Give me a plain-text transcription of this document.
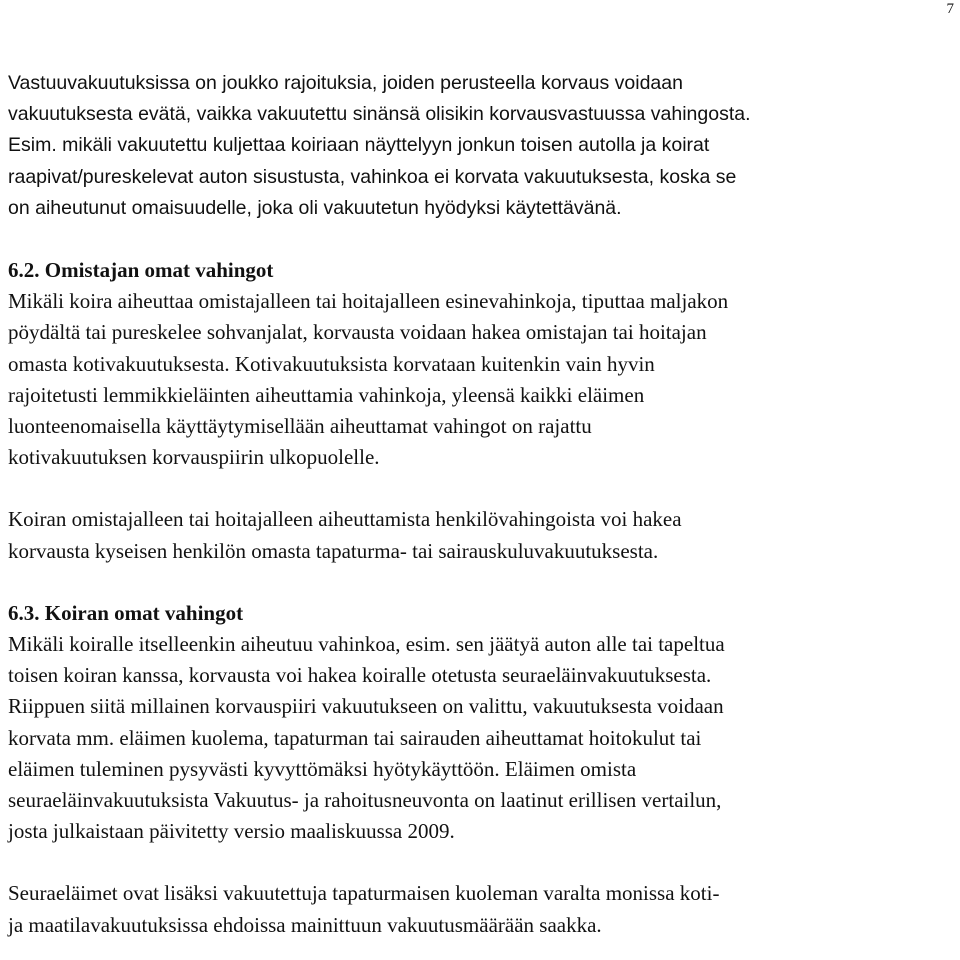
7
Vastuuvakuutuksissa on joukko rajoituksia, joiden perusteella korvaus voidaan
vakuutuksesta evätä, vaikka vakuutettu sinänsä olisikin korvausvastuussa vahingosta.
Esim. mikäli vakuutettu kuljettaa koiriaan näyttelyyn jonkun toisen autolla ja koirat
raapivat/pureskelevat auton sisustusta, vahinkoa ei korvata vakuutuksesta, koska se
on aiheutunut omaisuudelle, joka oli vakuutetun hyödyksi käytettävänä.
6.2. Omistajan omat vahingot
Mikäli koira aiheuttaa omistajalleen tai hoitajalleen esinevahinkoja, tiputtaa maljakon
pöydältä tai pureskelee sohvanjalat, korvausta voidaan hakea omistajan tai hoitajan
omasta kotivakuutuksesta. Kotivakuutuksista korvataan kuitenkin vain hyvin
rajoitetusti lemmikkieläinten aiheuttamia vahinkoja, yleensä kaikki eläimen
luonteenomaisella käyttäytymisellään aiheuttamat vahingot on rajattu
kotivakuutuksen korvauspiirin ulkopuolelle.
Koiran omistajalleen tai hoitajalleen aiheuttamista henkilövahingoista voi hakea
korvausta kyseisen henkilön omasta tapaturma- tai sairauskuluvakuutuksesta.
6.3. Koiran omat vahingot
Mikäli koiralle itselleenkin aiheutuu vahinkoa, esim. sen jäätyä auton alle tai tapeltua
toisen koiran kanssa, korvausta voi hakea koiralle otetusta seuraeläinvakuutuksesta.
Riippuen siitä millainen korvauspiiri vakuutukseen on valittu, vakuutuksesta voidaan
korvata mm. eläimen kuolema, tapaturman tai sairauden aiheuttamat hoitokulut tai
eläimen tuleminen pysyvästi kyvyttömäksi hyötykäyttöön. Eläimen omista
seuraeläinvakuutuksista Vakuutus- ja rahoitusneuvonta on laatinut erillisen vertailun,
josta julkaistaan päivitetty versio maaliskuussa 2009.
Seuraeläimet ovat lisäksi vakuutettuja tapaturmaisen kuoleman varalta monissa koti-
ja maatilavakuutuksissa ehdoissa mainittuun vakuutusmäärään saakka.
